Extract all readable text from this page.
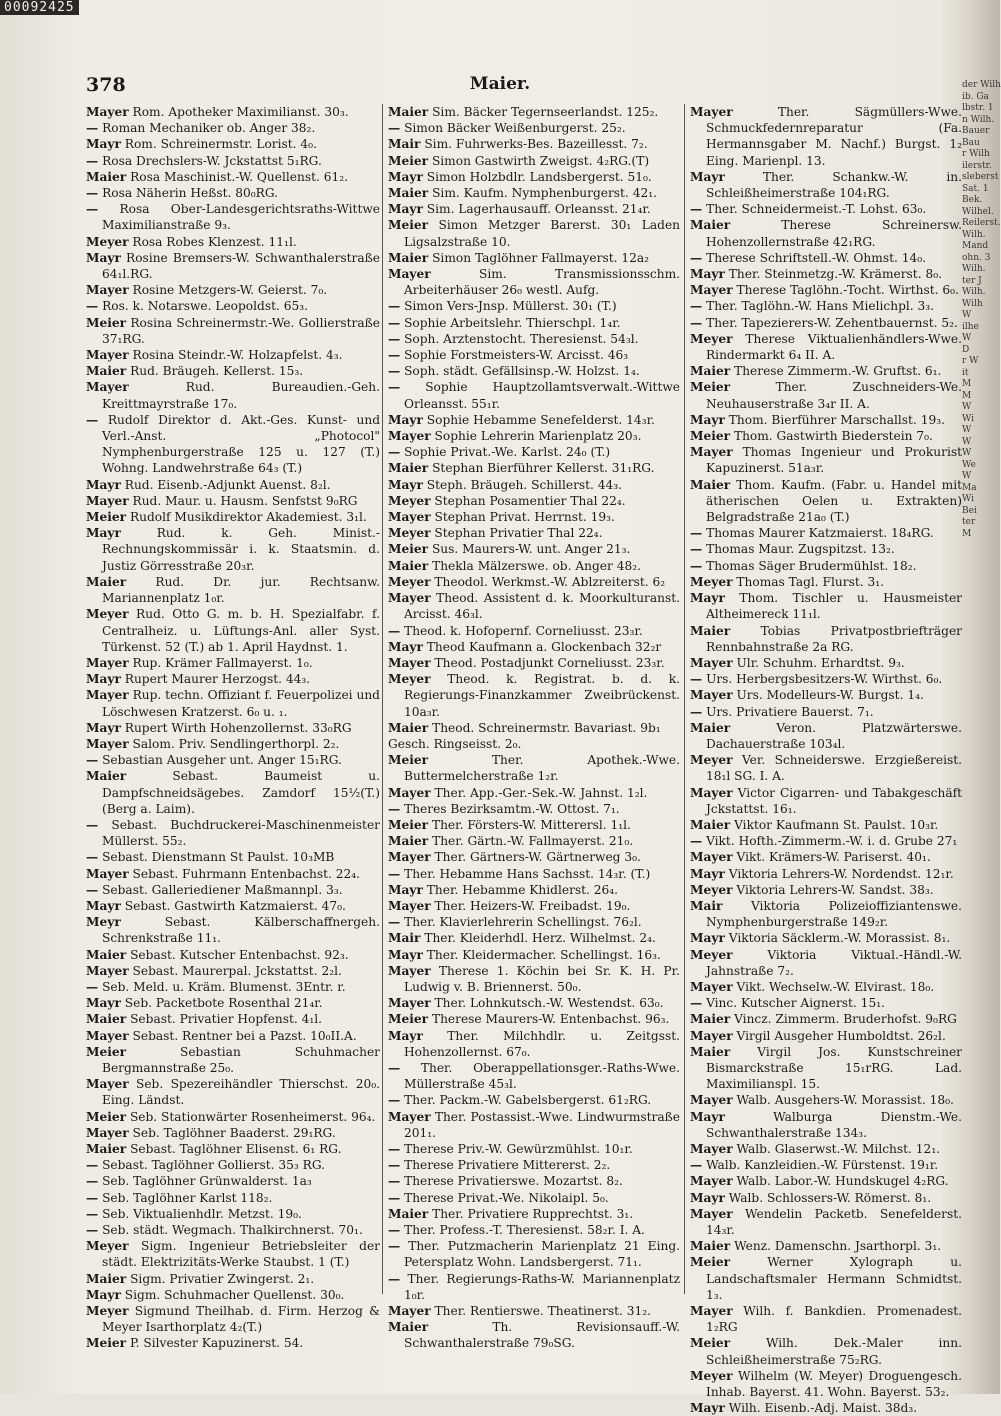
00092425
378	Maier.

Mayer Rom. Apotheker Maximilianst. 30₃.

— Roman Mechaniker ob. Anger 38₂.

Mayr Rom. Schreinermstr. Lorist. 4₀.

— Rosa Drechslers-W. Jckstattst 5₁RG.

Maier Rosa Maschinist.-W. Quellenst. 61₂.

— Rosa Näherin Heßst. 80₀RG.

— Rosa Ober-Landesgerichtsraths-Wittwe Maximilianstraße 9₃.

Meyer Rosa Robes Klenzest. 11₁l.

Mayr Rosine Bremsers-W. Schwanthalerstraße 64₁l.RG.

Mayer Rosine Metzgers-W. Geierst. 7₀.

— Ros. k. Notarswe. Leopoldst. 65₃.

Meier Rosina Schreinermstr.-We. Gollierstraße 37₁RG.

Mayer Rosina Steindr.-W. Holzapfelst. 4₃.

Maier Rud. Bräugeh. Kellerst. 15₃.

Mayer	Rud. Bureaudien.-Geh. Kreittmayrstraße 17₀.

— Rudolf Direktor d. Akt.-Ges. Kunst- und Verl.-Anst. „Photocol" Nymphenburgerstraße 125 u. 127 (T.) Wohng. Landwehrstraße 64₃ (T.)

Mayr Rud. Eisenb.-Adjunkt Auenst. 8₂l.

Mayer Rud. Maur. u. Hausm. Senfstst 9₀RG

Meier Rudolf Musikdirektor Akademiest. 3₁l.

Mayr	Rud. k. Geh. Minist.-Rechnungskommissär i. k. Staatsmin. d. Justiz Görresstraße 20₃r.

Maier Rud. Dr. jur. Rechtsanw. Mariannenplatz 1₀r.

Meyer Rud. Otto G. m. b. H. Spezialfabr. f. Centralheiz. u. Lüftungs-Anl. aller Syst. Türkenst. 52 (T.) ab 1. April Haydnst. 1.

Mayer Rup. Krämer Fallmayerst. 1₀.

Mayr Rupert Maurer Herzogst. 44₃.

Mayer Rup. techn. Offiziant f. Feuerpolizei und Löschwesen Kratzerst. 6₀ u. ₁.

Mayr Rupert Wirth Hohenzollernst. 33₀RG

Mayer Salom. Priv. Sendlingerthorpl. 2₂.

— Sebastian Ausgeher unt. Anger 15₁RG.

Maier	Sebast. Baumeist u. Dampfschneidsägebes. Zamdorf 15½(T.) (Berg a. Laim).

— Sebast. Buchdruckerei-Maschinenmeister Müllerst. 55₂.

— Sebast. Dienstmann St Paulst. 10₃MB

Mayer Sebast. Fuhrmann Entenbachst. 22₄.

— Sebast. Galleriediener Maßmannpl. 3₃.

Mayr Sebast. Gastwirth Katzmaierst. 47₀.

Meyr	Sebast. Kälberschaffnergeh. Schrenkstraße 11₁.

Maier Sebast. Kutscher Entenbachst. 92₃.

Mayer Sebast. Maurerpal. Jckstattst. 2₂l.

— Seb. Meld. u. Kräm. Blumenst. 3Entr. r.

Mayr Seb. Packetbote Rosenthal 21₄r.

Maier Sebast. Privatier Hopfenst. 4₁l.

Mayer Sebast. Rentner bei a Pazst. 10₀II.A.

Meier	Sebastian Schuhmacher Bergmannstraße 25₀.

Mayer Seb. Spezereihändler Thierschst. 20₀. Eing. Ländst.

Meier Seb. Stationwärter Rosenheimerst. 96₄.

Mayer Seb. Taglöhner Baaderst. 29₁RG.

Maier Sebast. Taglöhner Elisenst. 6₁ RG.

— Sebast. Taglöhner Gollierst. 35₃ RG.

— Seb. Taglöhner Grünwalderst. 1a₃

— Seb. Taglöhner Karlst 118₂.

— Seb. Viktualienhdlr. Metzst. 19₀.

— Seb. städt. Wegmach. Thalkirchnerst. 70₁.

Meyer Sigm. Ingenieur Betriebsleiter der städt. Elektrizitäts-Werke Staubst. 1 (T.)

Maier Sigm. Privatier Zwingerst. 2₁.

Mayr Sigm. Schuhmacher Quellenst. 30₀.

Meyer Sigmund Theilhab. d. Firm. Herzog & Meyer Isarthorplatz 4₂(T.)

Meier P. Silvester Kapuzinerst. 54.

Maier Sim. Bäcker Tegernseerlandst. 125₂.

— Simon Bäcker Weißenburgerst. 25₂.

Mair Sim. Fuhrwerks-Bes. Bazeillesst. 7₂.

Meier Simon Gastwirth Zweigst. 4₂RG.(T)

Mayr Simon Holzbdlr. Landsbergerst. 51₀.

Maier Sim. Kaufm. Nymphenburgerst. 42₁.

Mayr Sim. Lagerhausauff. Orleansst. 21₄r.

Meier Simon Metzger Barerst. 30₁ Laden Ligsalzstraße 10.

Maier Simon Taglöhner Fallmayerst. 12a₂

Mayer	Sim. Transmissionsschm. Arbeiterhäuser 26₀ westl. Aufg.

— Simon Vers-Jnsp. Müllerst. 30₁ (T.)

— Sophie Arbeitslehr. Thierschpl. 1₄r.

— Soph. Arztenstocht. Theresienst. 54₃l.

— Sophie Forstmeisters-W. Arcisst. 46₃

— Soph. städt. Gefällsinsp.-W. Holzst. 1₄.

— Sophie Hauptzollamtsverwalt.-Wittwe Orleansst. 55₁r.

Mayr Sophie Hebamme Senefelderst. 14₃r.

Mayer Sophie Lehrerin Marienplatz 20₃.

— Sophie Privat.-We. Karlst. 24₀ (T.)

Maier Stephan Bierführer Kellerst. 31₁RG.

Mayr Steph. Bräugeh. Schillerst. 44₃.

Meyer Stephan Posamentier Thal 22₄.

Mayer Stephan Privat. Herrnst. 19₃.

Meyer Stephan Privatier Thal 22₄.

Meier Sus. Maurers-W. unt. Anger 21₃.

Maier Thekla Mälzerswe. ob. Anger 48₂.

Meyer Theodol. Werkmst.-W. Ablzreiterst. 6₂

Mayer Theod. Assistent d. k. Moorkulturanst. Arcisst. 46₃l.

— Theod. k. Hofopernf. Corneliusst. 23₃r.

Mayr Theod Kaufmann a. Glockenbach 32₂r

Mayer Theod. Postadjunkt Corneliusst. 23₃r.

Meyer Theod. k. Registrat. b. d. k. Regierungs-Finanzkammer Zweibrückenst. 10a₃r.

Maier Theod. Schreinermstr. Bavariast. 9b₁

Gesch. Ringseisst. 2₀.

Meier	Ther. Apothek.-Wwe. Buttermelcherstraße 1₂r.

Mayer Ther. App.-Ger.-Sek.-W. Jahnst. 1₂l.

— Theres Bezirksamtm.-W. Ottost. 7₁.

Meier Ther. Försters-W. Mitterersl. 1₁l.

Maier Ther. Gärtn.-W. Fallmayerst. 21₀.

Mayer Ther. Gärtners-W. Gärtnerweg 3₀.

— Ther. Hebamme Hans Sachsst. 14₃r. (T.)

Mayr Ther. Hebamme Khidlerst. 26₄.

Mayer Ther. Heizers-W. Freibadst. 19₀.

— Ther. Klavierlehrerin Schellingst. 76₂l.

Mair Ther. Kleiderhdl. Herz. Wilhelmst. 2₄.

Mayr Ther. Kleidermacher. Schellingst. 16₃.

Mayer Therese 1. Köchin bei Sr. K. H. Pr. Ludwig v. B. Briennerst. 50₀.

Mayer Ther. Lohnkutsch.-W. Westendst. 63₀.

Meier Therese Maurers-W. Entenbachst. 96₃.

Mayr Ther. Milchhdlr. u. Zeitgsst. Hohenzollernst. 67₀.

— Ther. Oberappellationsger.-Raths-Wwe. Müllerstraße 45₃l.

— Ther. Packm.-W. Gabelsbergerst. 61₂RG.

Mayer Ther. Postassist.-Wwe. Lindwurmstraße 201₁.

— Therese Priv.-W. Gewürzmühlst. 10₁r.

— Therese Privatiere Mittererst. 2₂.

— Therese Privatierswe. Mozartst. 8₂.

— Therese Privat.-We. Nikolaipl. 5₀.

Maier Ther. Privatiere Rupprechtst. 3₁.

— Ther. Profess.-T. Theresienst. 58₂r. I. A.

— Ther. Putzmacherin Marienplatz 21 Eing. Petersplatz Wohn. Landsbergerst. 71₁.

— Ther. Regierungs-Raths-W. Mariannenplatz 1₀r.

Mayer Ther. Rentierswe. Theatinerst. 31₂.

Maier	Th. Revisionsauff.-W. Schwanthalerstraße 79₀SG.

Mayer	Ther. Sägmüllers-Wwe. Schmuckfedernreparatur (Fa. Hermannsgaber M. Nachf.) Burgst. 1₂ Eing. Marienpl. 13.

Mayr	Ther. Schankw.-W. in. Schleißheimerstraße 104₁RG.

— Ther. Schneidermeist.-T. Lohst. 63₀.

Maier	Therese Schreinersw. Hohenzollernstraße 42₁RG.

— Therese Schriftstell.-W. Ohmst. 14₀.

Mayr Ther. Steinmetzg.-W. Krämerst. 8₀.

Mayer Therese Taglöhn.-Tocht. Wirthst. 6₀.

— Ther. Taglöhn.-W. Hans Mielichpl. 3₃.

— Ther. Tapezierers-W. Zehentbauernst. 5₂.

Meyer Therese Viktualienhändlers-Wwe. Rindermarkt 6₄ II. A.

Maier Therese Zimmerm.-W. Gruftst. 6₁.

Meier	Ther. Zuschneiders-We. Neuhauserstraße 3₄r II. A.

Mayr Thom. Bierführer Marschallst. 19₃.

Meier Thom. Gastwirth Biederstein 7₀.

Mayer Thomas Ingenieur und Prokurist Kapuzinerst. 51a₃r.

Maier Thom. Kaufm. (Fabr. u. Handel mit ätherischen Oelen u. Extrakten) Belgradstraße 21a₀ (T.)

— Thomas Maurer Katzmaierst. 18₄RG.

— Thomas Maur. Zugspitzst. 13₂.

— Thomas Säger Brudermühlst. 18₂.

Meyer Thomas Tagl. Flurst. 3₁.

Mayr Thom. Tischler u. Hausmeister Altheimereck 11₁l.

Maier Tobias Privatpostbriefträger Rennbahnstraße 2a RG.

Mayer Ulr. Schuhm. Erhardtst. 9₃.

— Urs. Herbergsbesitzers-W. Wirthst. 6₀.

Mayer Urs. Modelleurs-W. Burgst. 1₄.

— Urs. Privatiere Bauerst. 7₁.

Maier	Veron. Platzwärterswe. Dachauerstraße 103₄l.

Meyer Ver. Schneiderswe. Erzgießereist. 18₁l SG. I. A.

Mayer Victor Cigarren- und Tabakgeschäft Jckstattst. 16₁.

Maier Viktor Kaufmann St. Paulst. 10₃r.

— Vikt. Hofth.-Zimmerm.-W. i. d. Grube 27₁

Mayer Vikt. Krämers-W. Pariserst. 40₁.

Mayr Viktoria Lehrers-W. Nordendst. 12₁r.

Meyer Viktoria Lehrers-W. Sandst. 38₃.

Mair Viktoria Polizeioffiziantenswe. Nymphenburgerstraße 149₂r.

Mayr Viktoria Säcklerm.-W. Morassist. 8₁.

Meyer	Viktoria Viktual.-Händl.-W. Jahnstraße 7₂.

Mayer Vikt. Wechselw.-W. Elvirast. 18₀.

— Vinc. Kutscher Aignerst. 15₁.

Maier Vincz. Zimmerm. Bruderhofst. 9₀RG

Mayer Virgil Ausgeher Humboldtst. 26₂l.

Maier Virgil Jos. Kunstschreiner Bismarckstraße 15₁rRG. Lad. Maximilianspl. 15.

Mayer Walb. Ausgehers-W. Morassist. 18₀.

Mayr	Walburga Dienstm.-We. Schwanthalerstraße 134₃.

Mayer Walb. Glaserwst.-W. Milchst. 12₁.

— Walb. Kanzleidien.-W. Fürstenst. 19₁r.

Mayer Walb. Labor.-W. Hundskugel 4₂RG.

Mayr Walb. Schlossers-W. Römerst. 8₁.

Mayer Wendelin Packetb. Senefelderst. 14₃r.

Maier Wenz. Damenschn. Jsarthorpl. 3₁.

Meier	Werner Xylograph u. Landschaftsmaler Hermann Schmidtst. 1₃.

Mayer Wilh. f. Bankdien. Promenadest. 1₂RG

Meier	Wilh. Dek.-Maler inn. Schleißheimerstraße 75₂RG.

Meyer Wilhelm (W. Meyer) Droguengesch. Inhab. Bayerst. 41. Wohn. Bayerst. 53₂.

Mayr Wilh. Eisenb.-Adj. Maist. 38d₃.

der Wilh
ib. Ga
lbstr. 1
n Wilh.
Bauer
Bau
r Wilh
ilerstr.
sleberst
Sat. 1
Bek.
Wilhel.
Reilerst.
Wilh.
Mand
ohn. 3
Wilh.
ter J
Wilh.
Wilh
W
ilhe
W
D
r W
it
M
M
W
Wi
W
W
W
We
W
Ma
Wi
Bei
ter
M
